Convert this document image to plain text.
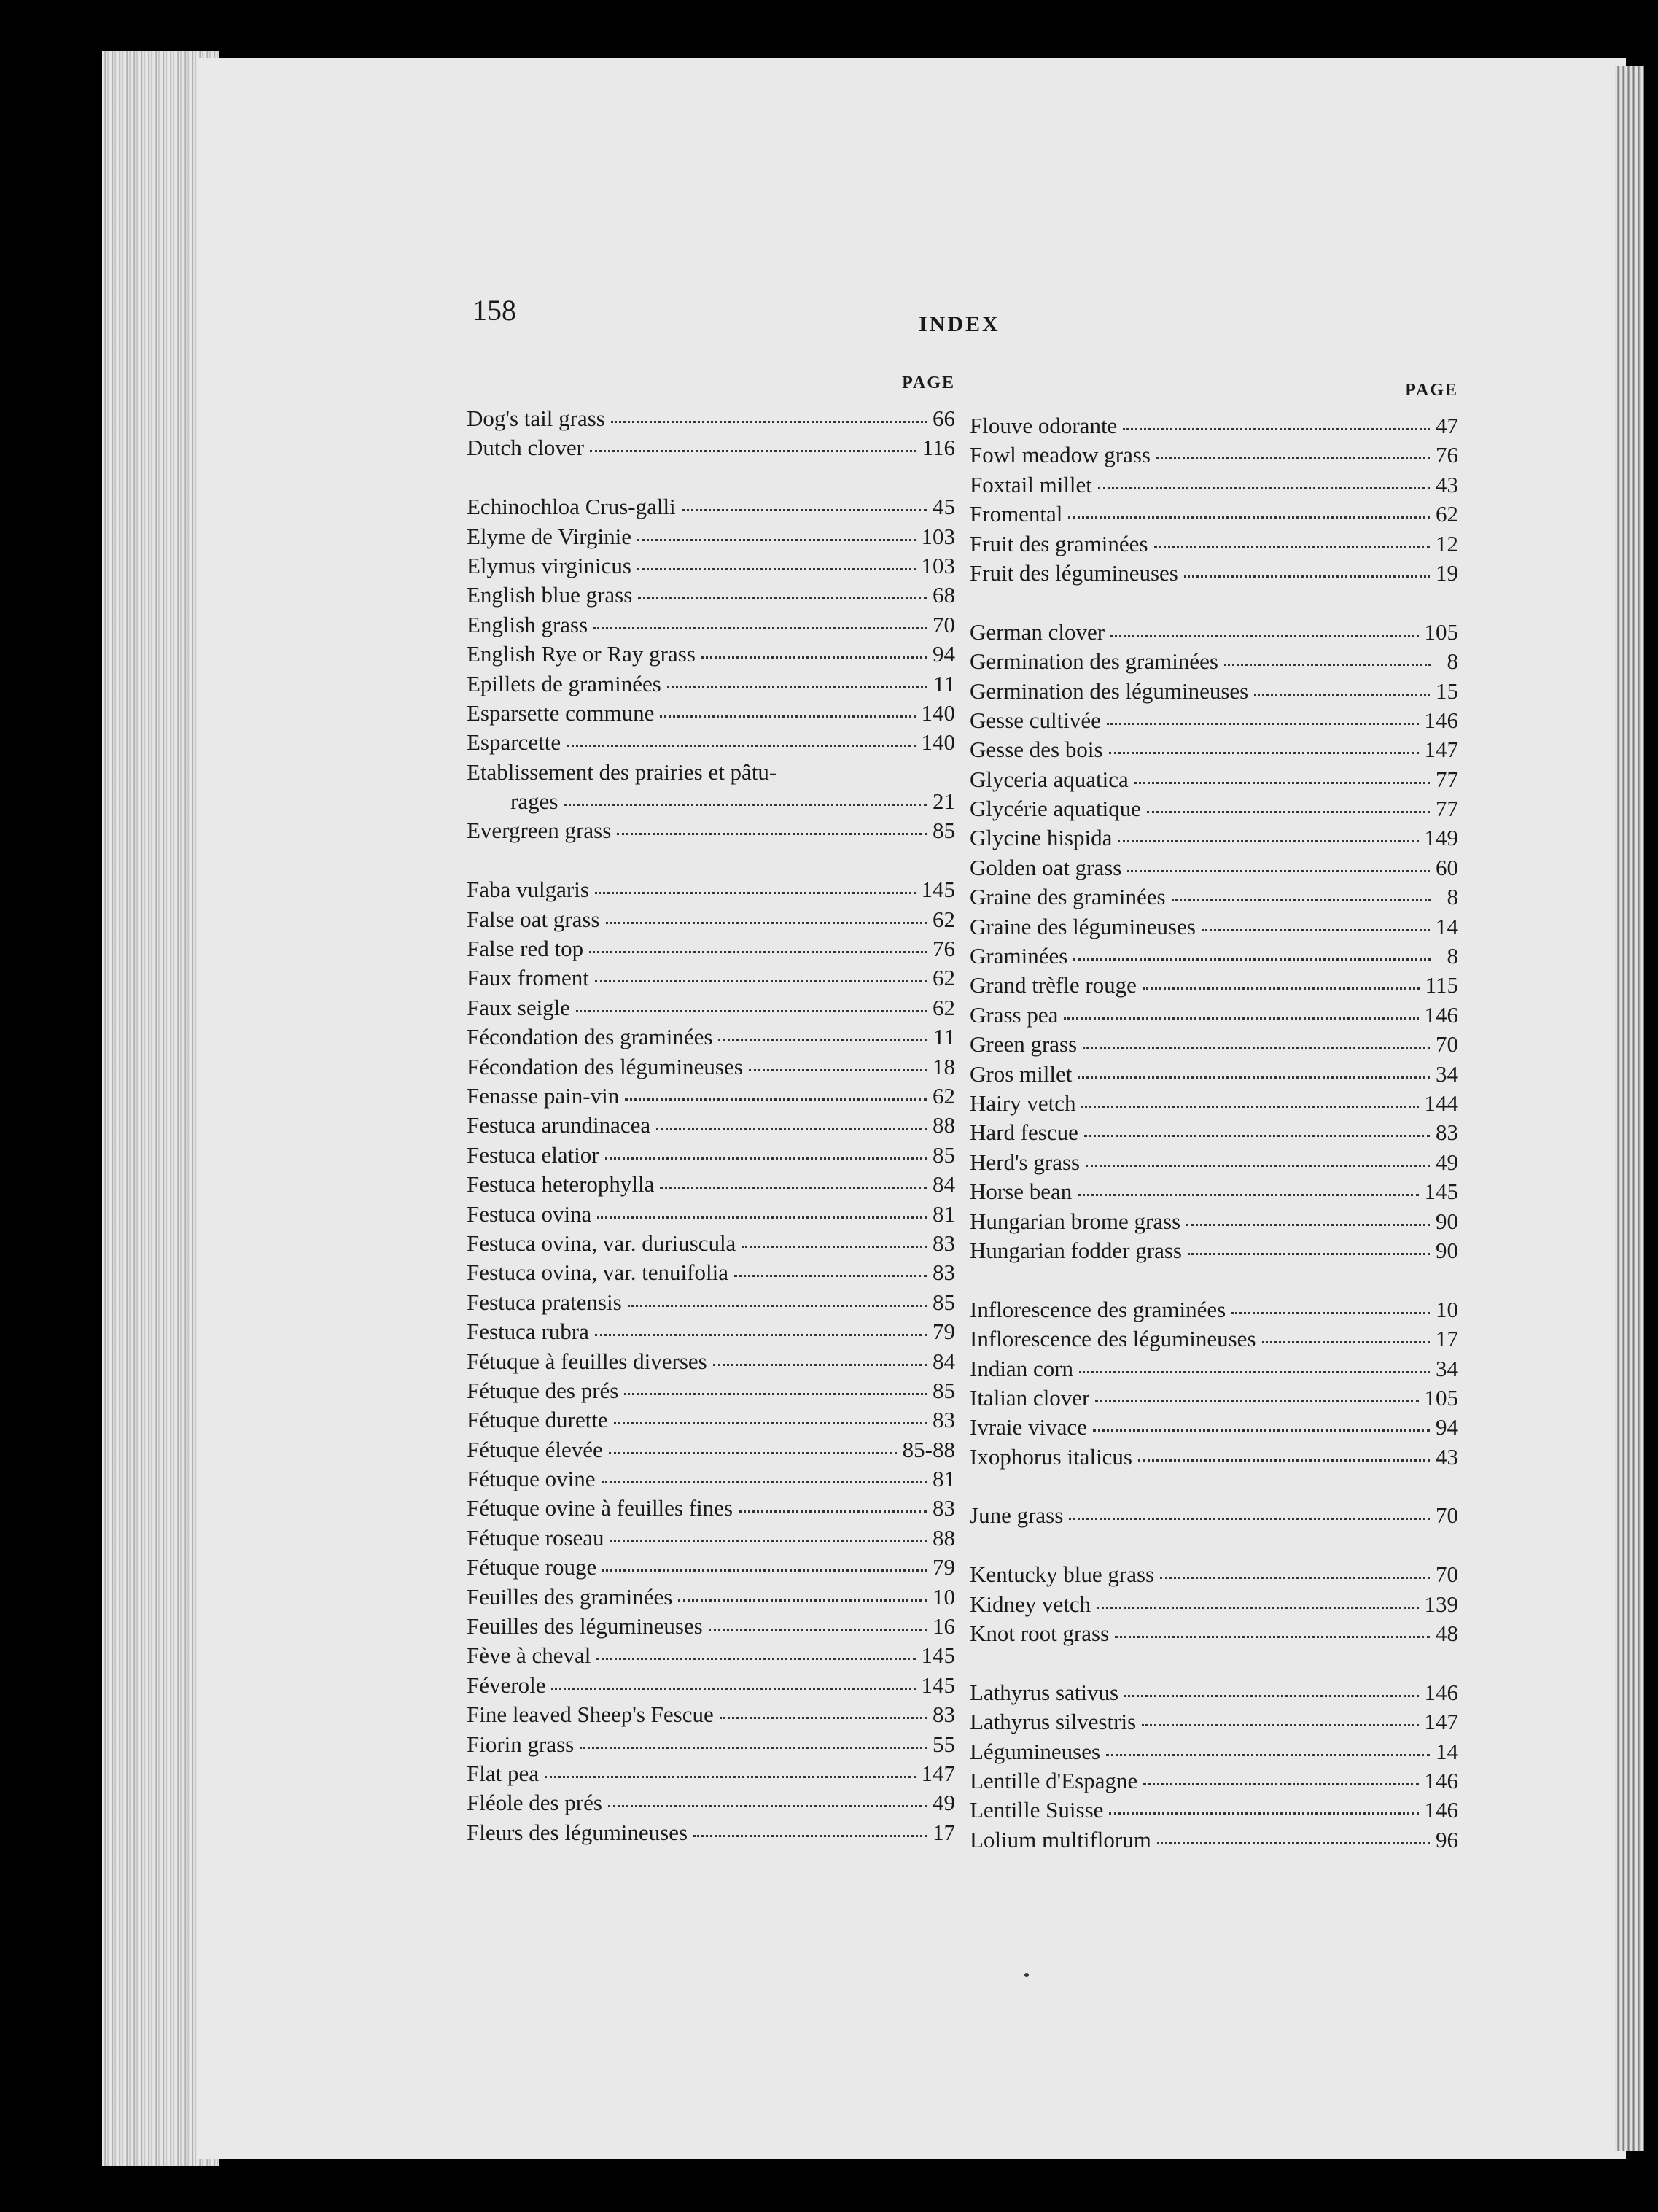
158	INDEX
PAGE
Dog's tail grass	66
Dutch clover	116
Echinochloa Crus-galli	45
Elyme de Virginie	103
Elymus virginicus	103
English blue grass	68
English grass	70
English Rye or Ray grass	94
Epillets de graminées	11
Esparsette commune	140
Esparcette	140
Etablissement des prairies et pâtu-
rages	21
Evergreen grass	85
Faba vulgaris	145
False oat grass	62
False red top	76
Faux froment	62
Faux seigle	62
Fécondation des graminées	11
Fécondation des légumineuses	18
Fenasse pain-vin	62
Festuca arundinacea	88
Festuca elatior	85
Festuca heterophylla	84
Festuca ovina	81
Festuca ovina, var. duriuscula	83
Festuca ovina, var. tenuifolia	83
Festuca pratensis	85
Festuca rubra	79
Fétuque à feuilles diverses	84
Fétuque des prés	85
Fétuque durette	83
Fétuque élevée	85-88
Fétuque ovine	81
Fétuque ovine à feuilles fines	83
Fétuque roseau	88
Fétuque rouge	79
Feuilles des graminées	10
Feuilles des légumineuses	16
Fève à cheval	145
Féverole	145
Fine leaved Sheep's Fescue	83
Fiorin grass	55
Flat pea	147
Fléole des prés	49
Fleurs des légumineuses	17
PAGE
Flouve odorante	47
Fowl meadow grass	76
Foxtail millet	43
Fromental	62
Fruit des graminées	12
Fruit des légumineuses	19
German clover	105
Germination des graminées	8
Germination des légumineuses	15
Gesse cultivée	146
Gesse des bois	147
Glyceria aquatica	77
Glycérie aquatique	77
Glycine hispida	149
Golden oat grass	60
Graine des graminées	8
Graine des légumineuses	14
Graminées	8
Grand trèfle rouge	115
Grass pea	146
Green grass	70
Gros millet	34
Hairy vetch	144
Hard fescue	83
Herd's grass	49
Horse bean	145
Hungarian brome grass	90
Hungarian fodder grass	90
Inflorescence des graminées	10
Inflorescence des légumineuses	17
Indian corn	34
Italian clover	105
Ivraie vivace	94
Ixophorus italicus	43
June grass	70
Kentucky blue grass	70
Kidney vetch	139
Knot root grass	48
Lathyrus sativus	146
Lathyrus silvestris	147
Légumineuses	14
Lentille d'Espagne	146
Lentille Suisse	146
Lolium multiflorum	96
